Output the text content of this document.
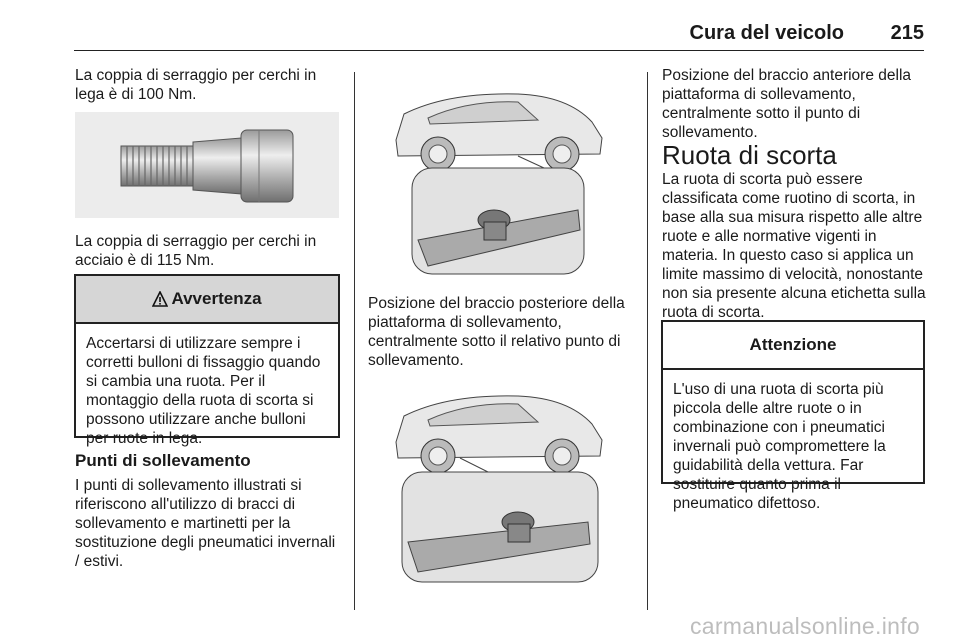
Cura del veicolo 215

La coppia di serraggio per cerchi in lega è di 100 Nm.

La coppia di serraggio per cerchi in acciaio è di 115 Nm.

Avvertenza
Accertarsi di utilizzare sempre i corretti bulloni di fissaggio quando si cambia una ruota. Per il montaggio della ruota di scorta si possono utilizzare anche bulloni per ruote in lega.

Punti di sollevamento

I punti di sollevamento illustrati si riferiscono all'utilizzo di bracci di sollevamento e martinetti per la sostituzione degli pneumatici invernali / estivi.

Posizione del braccio posteriore della piattaforma di sollevamento, centralmente sotto il relativo punto di sollevamento.

Posizione del braccio anteriore della piattaforma di sollevamento, centralmente sotto il punto di sollevamento.

Ruota di scorta

La ruota di scorta può essere classificata come ruotino di scorta, in base alla sua misura rispetto alle altre ruote e alle normative vigenti in materia. In questo caso si applica un limite massimo di velocità, nonostante non sia presente alcuna etichetta sulla ruota di scorta.

Attenzione
L'uso di una ruota di scorta più piccola delle altre ruote o in combinazione con i pneumatici invernali può compromettere la guidabilità della vettura. Far sostituire quanto prima il pneumatico difettoso.
carmanualsonline.info
